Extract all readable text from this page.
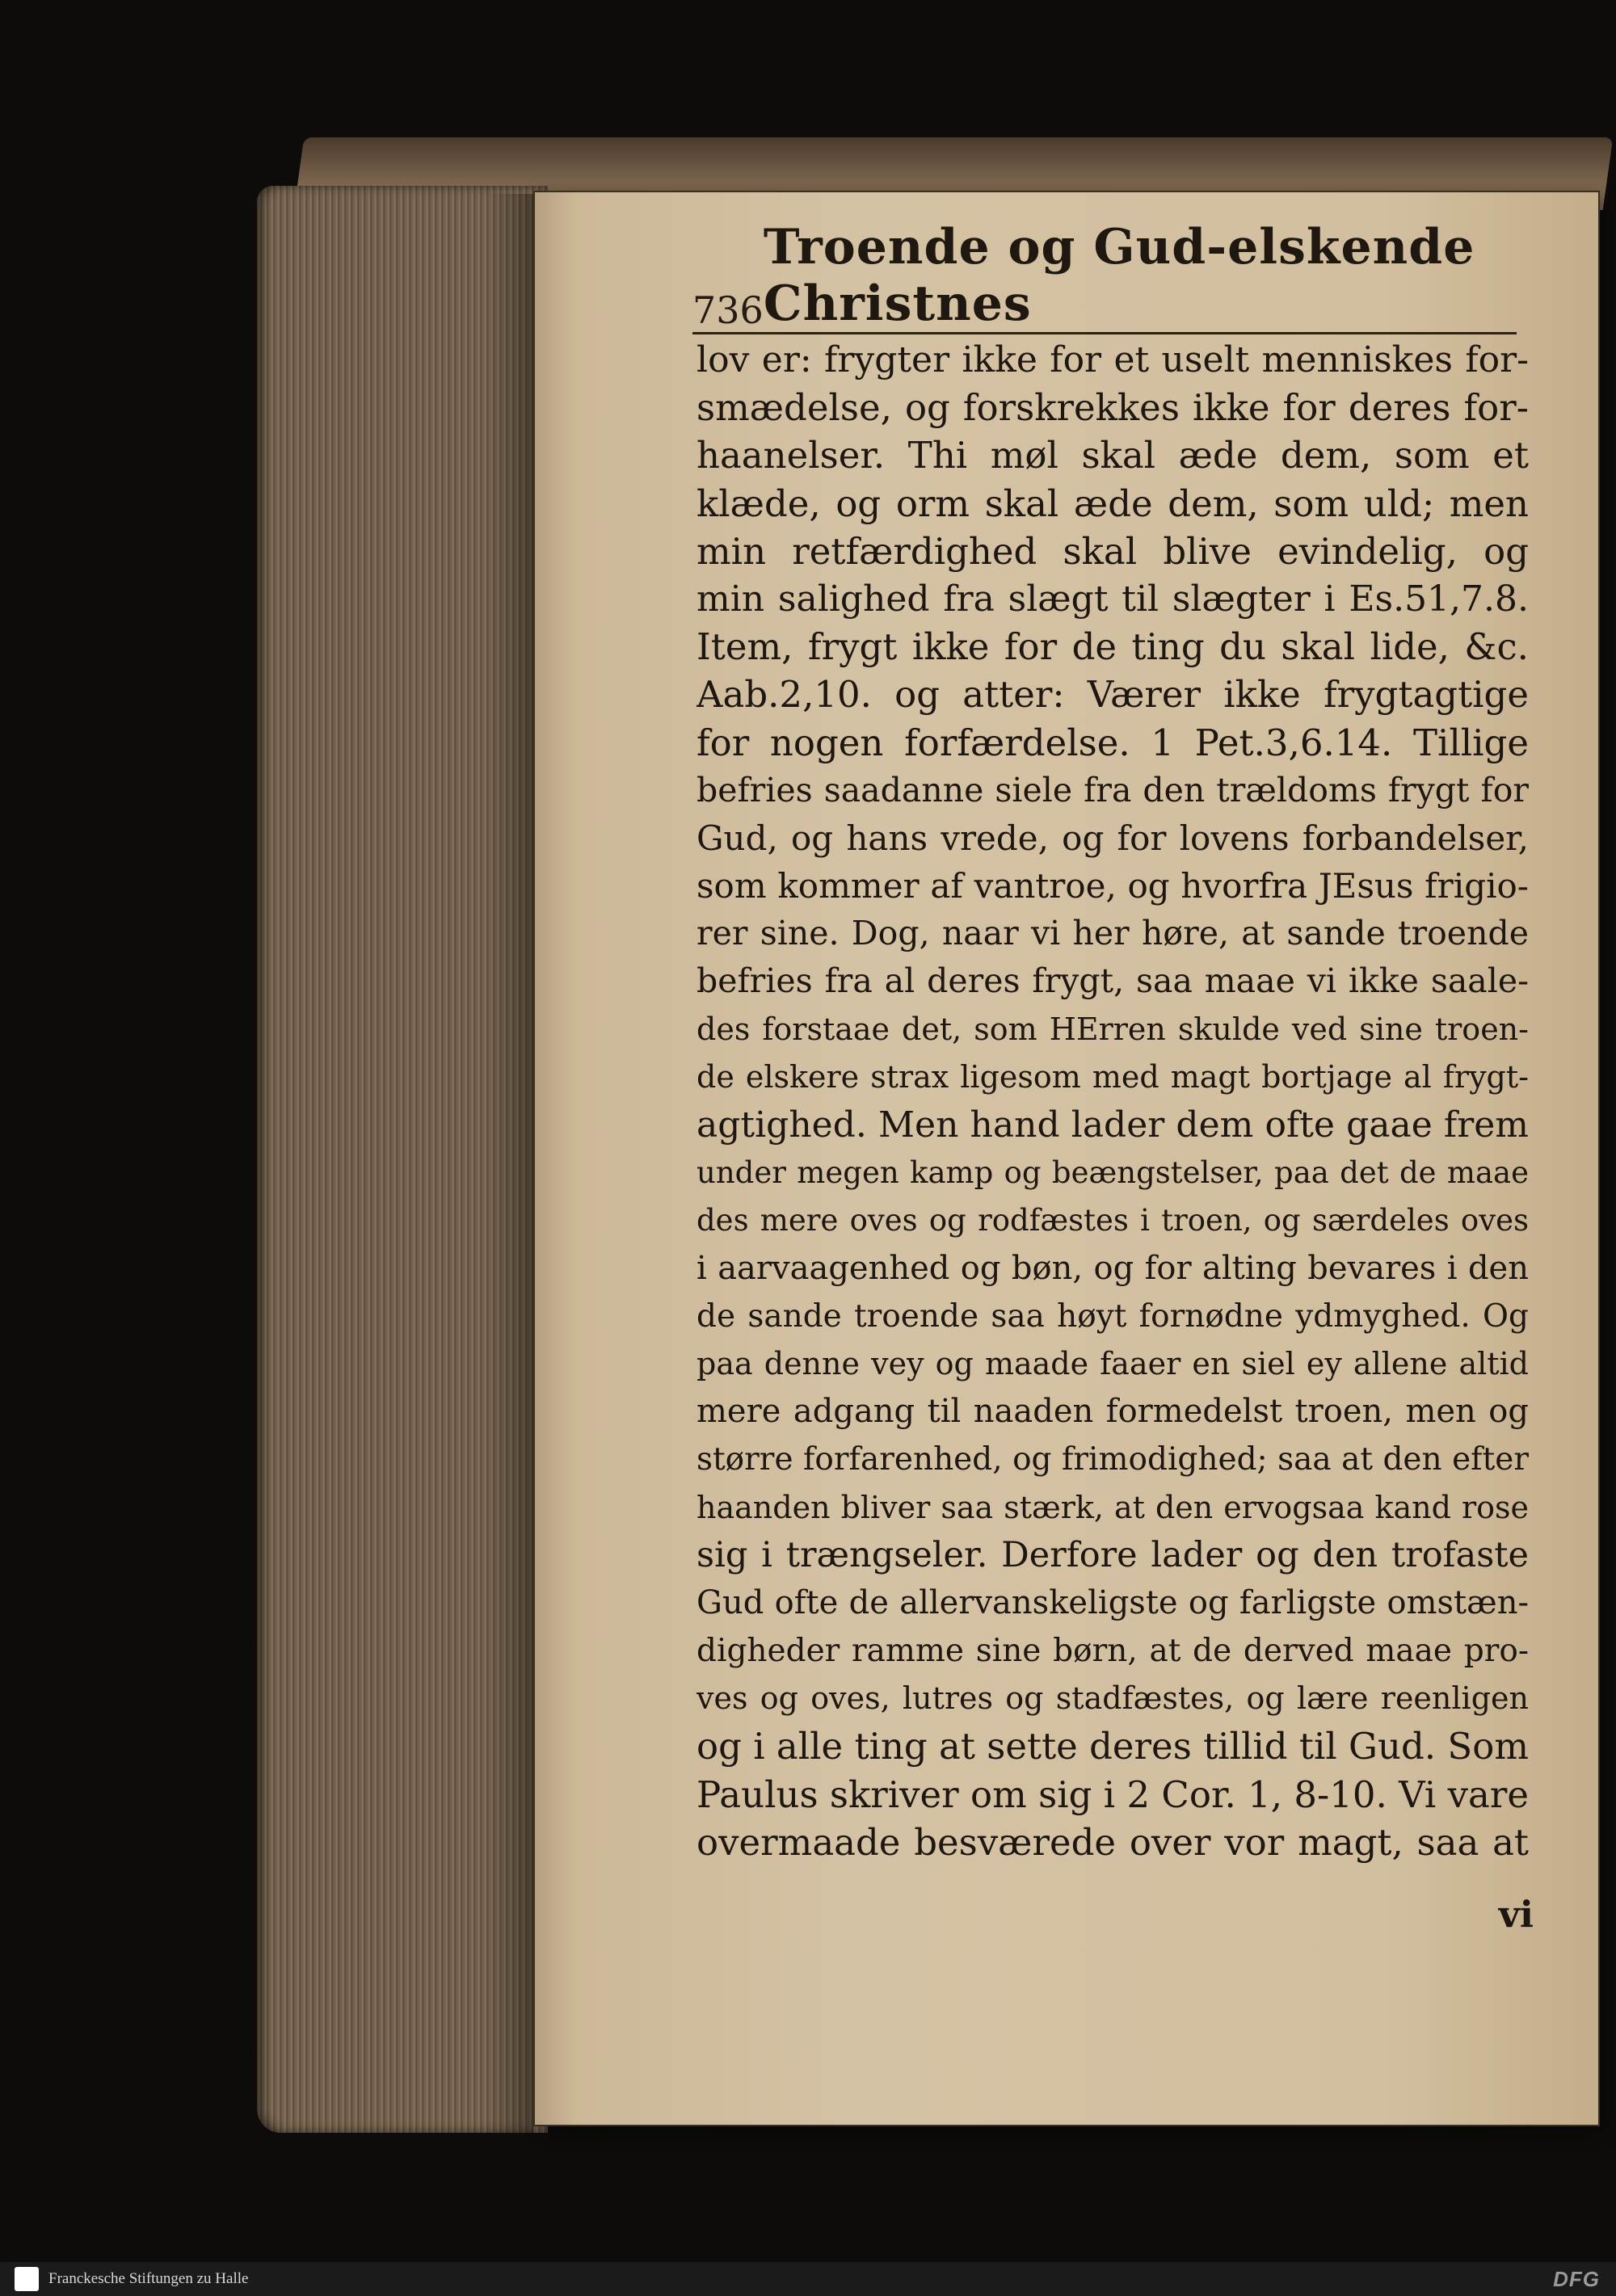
736
Troende og Gud-elskende Christnes
lov er: frygter ikke for et uselt menniskes for-
smædelse, og forskrekkes ikke for deres for-
haanelser. Thi møl skal æde dem, som et
klæde, og orm skal æde dem, som uld; men
min retfærdighed skal blive evindelig, og
min salighed fra slægt til slægter i Es.51,7.8.
Item, frygt ikke for de ting du skal lide, &c.
Aab.2,10. og atter: Værer ikke frygtagtige
for nogen forfærdelse. 1 Pet.3,6.14. Tillige
befries saadanne siele fra den trældoms frygt for
Gud, og hans vrede, og for lovens forbandelser,
som kommer af vantroe, og hvorfra JEsus frigio-
rer sine. Dog, naar vi her høre, at sande troende
befries fra al deres frygt, saa maae vi ikke saale-
des forstaae det, som HErren skulde ved sine troen-
de elskere strax ligesom med magt bortjage al frygt-
agtighed. Men hand lader dem ofte gaae frem
under megen kamp og beængstelser, paa det de maae
des mere oves og rodfæstes i troen, og særdeles oves
i aarvaagenhed og bøn, og for alting bevares i den
de sande troende saa høyt fornødne ydmyghed. Og
paa denne vey og maade faaer en siel ey allene altid
mere adgang til naaden formedelst troen, men og
større forfarenhed, og frimodighed; saa at den efter
haanden bliver saa stærk, at den ervogsaa kand rose
sig i trængseler. Derfore lader og den trofaste
Gud ofte de allervanskeligste og farligste omstæn-
digheder ramme sine børn, at de derved maae pro-
ves og oves, lutres og stadfæstes, og lære reenligen
og i alle ting at sette deres tillid til Gud. Som
Paulus skriver om sig i 2 Cor. 1, 8-10. Vi vare
overmaade besværede over vor magt, saa at
vi
Franckesche Stiftungen zu Halle	DFG
